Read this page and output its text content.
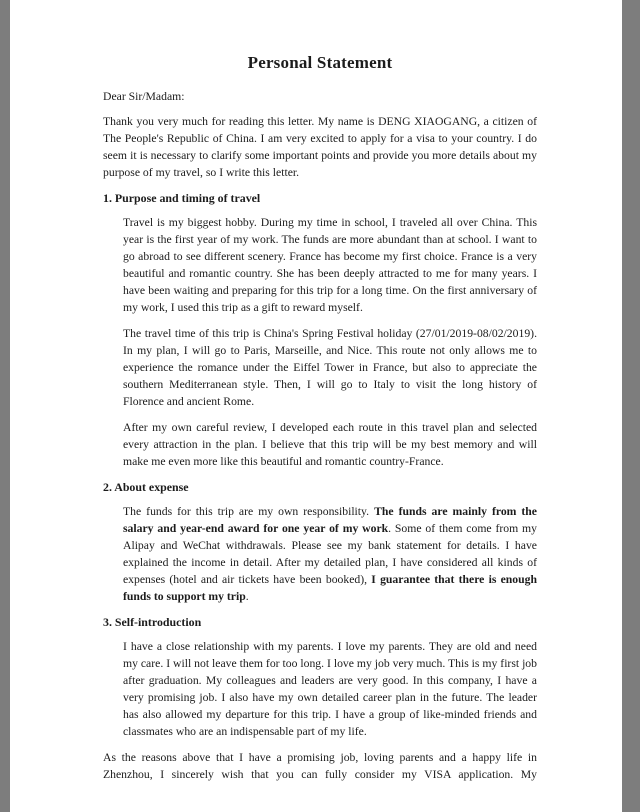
Personal Statement

Dear Sir/Madam:

Thank you very much for reading this letter. My name is DENG XIAOGANG, a citizen of The People's Republic of China. I am very excited to apply for a visa to your country. I do seem it is necessary to clarify some important points and provide you more details about my purpose of my travel, so I write this letter.

1. Purpose and timing of travel

Travel is my biggest hobby. During my time in school, I traveled all over China. This year is the first year of my work. The funds are more abundant than at school. I want to go abroad to see different scenery. France has become my first choice. France is a very beautiful and romantic country. She has been deeply attracted to me for many years. I have been waiting and preparing for this trip for a long time. On the first anniversary of my work, I used this trip as a gift to reward myself.

The travel time of this trip is China's Spring Festival holiday (27/01/2019-08/02/2019). In my plan, I will go to Paris, Marseille, and Nice. This route not only allows me to experience the romance under the Eiffel Tower in France, but also to appreciate the southern Mediterranean style. Then, I will go to Italy to visit the long history of Florence and ancient Rome.

After my own careful review, I developed each route in this travel plan and selected every attraction in the plan. I believe that this trip will be my best memory and will make me even more like this beautiful and romantic country-France.

2. About expense

The funds for this trip are my own responsibility. The funds are mainly from the salary and year-end award for one year of my work. Some of them come from my Alipay and WeChat withdrawals. Please see my bank statement for details. I have explained the income in detail. After my detailed plan, I have considered all kinds of expenses (hotel and air tickets have been booked), I guarantee that there is enough funds to support my trip.

3. Self-introduction

I have a close relationship with my parents. I love my parents. They are old and need my care. I will not leave them for too long. I love my job very much. This is my first job after graduation. My colleagues and leaders are very good. In this company, I have a very promising job. I also have my own detailed career plan in the future. The leader has also allowed my departure for this trip. I have a group of like-minded friends and classmates who are an indispensable part of my life.

As the reasons above that I have a promising job, loving parents and a happy life in Zhenzhou, I sincerely wish that you can fully consider my VISA application. My
